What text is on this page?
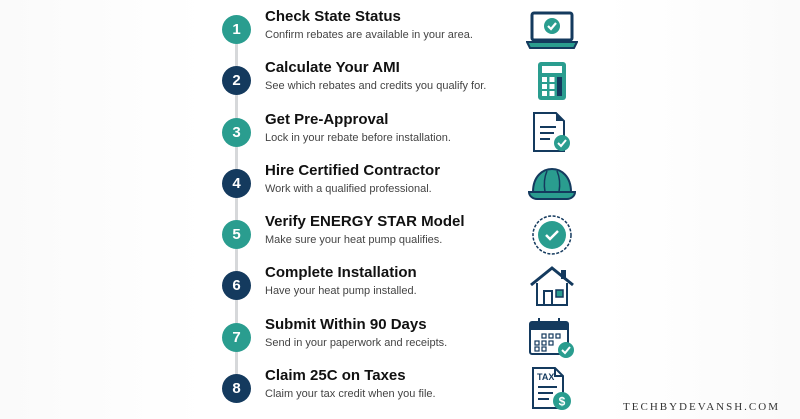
1
Check State Status
Confirm rebates are available in your area.
2
Calculate Your AMI
See which rebates and credits you qualify for.
3
Get Pre-Approval
Lock in your rebate before installation.
4
Hire Certified Contractor
Work with a qualified professional.
5
Verify ENERGY STAR Model
Make sure your heat pump qualifies.
6
Complete Installation
Have your heat pump installed.
7
Submit Within 90 Days
Send in your paperwork and receipts.
8
Claim 25C on Taxes
Claim your tax credit when you file.
TAX
$	TECHBYDEVANSH.COM
